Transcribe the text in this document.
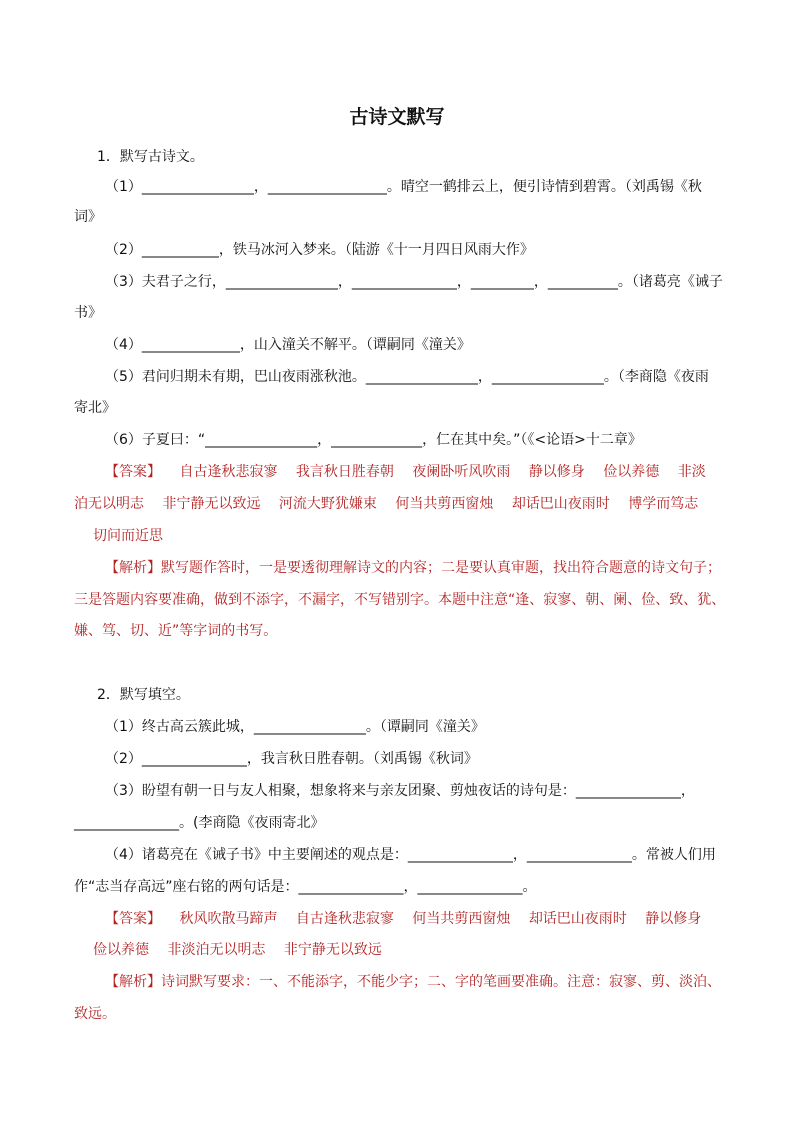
古诗文默写
1．默写古诗文。
（1）________________，_________________。晴空一鹤排云上，便引诗情到碧霄。（刘禹锡《秋
词》
（2）___________，铁马冰河入梦来。（陆游《十一月四日风雨大作》
（3）夫君子之行，________________，_______________，_________，__________。（诸葛亮《诫子
书》
（4）______________，山入潼关不解平。（谭嗣同《潼关》
（5）君问归期未有期，巴山夜雨涨秋池。________________，________________。（李商隐《夜雨
寄北》
（6）子夏曰：“________________，_____________，仁在其中矣。”（《<论语>十二章》
【答案】 自古逢秋悲寂寥 我言秋日胜春朝 夜阑卧听风吹雨 静以修身 俭以养德 非淡
泊无以明志 非宁静无以致远 河流大野犹嫌束 何当共剪西窗烛 却话巴山夜雨时 博学而笃志
切问而近思
【解析】默写题作答时，一是要透彻理解诗文的内容；二是要认真审题，找出符合题意的诗文句子；
三是答题内容要准确，做到不添字，不漏字，不写错别字。本题中注意“逢、寂寥、朝、阑、俭、致、犹、
嫌、笃、切、近”等字词的书写。
2．默写填空。
（1）终古高云簇此城，________________。（谭嗣同《潼关》
（2）_______________，我言秋日胜春朝。（刘禹锡《秋词》
（3）盼望有朝一日与友人相聚，想象将来与亲友团聚、剪烛夜话的诗句是：_______________，
_______________。(李商隐《夜雨寄北》
（4）诸葛亮在《诫子书》中主要阐述的观点是：_______________，_______________。常被人们用
作“志当存高远”座右铭的两句话是：_______________，_______________。
【答案】 秋风吹散马蹄声 自古逢秋悲寂寥 何当共剪西窗烛 却话巴山夜雨时 静以修身
俭以养德 非淡泊无以明志 非宁静无以致远
【解析】诗词默写要求：一、不能添字，不能少字；二、字的笔画要准确。注意：寂寥、剪、淡泊、
致远。
